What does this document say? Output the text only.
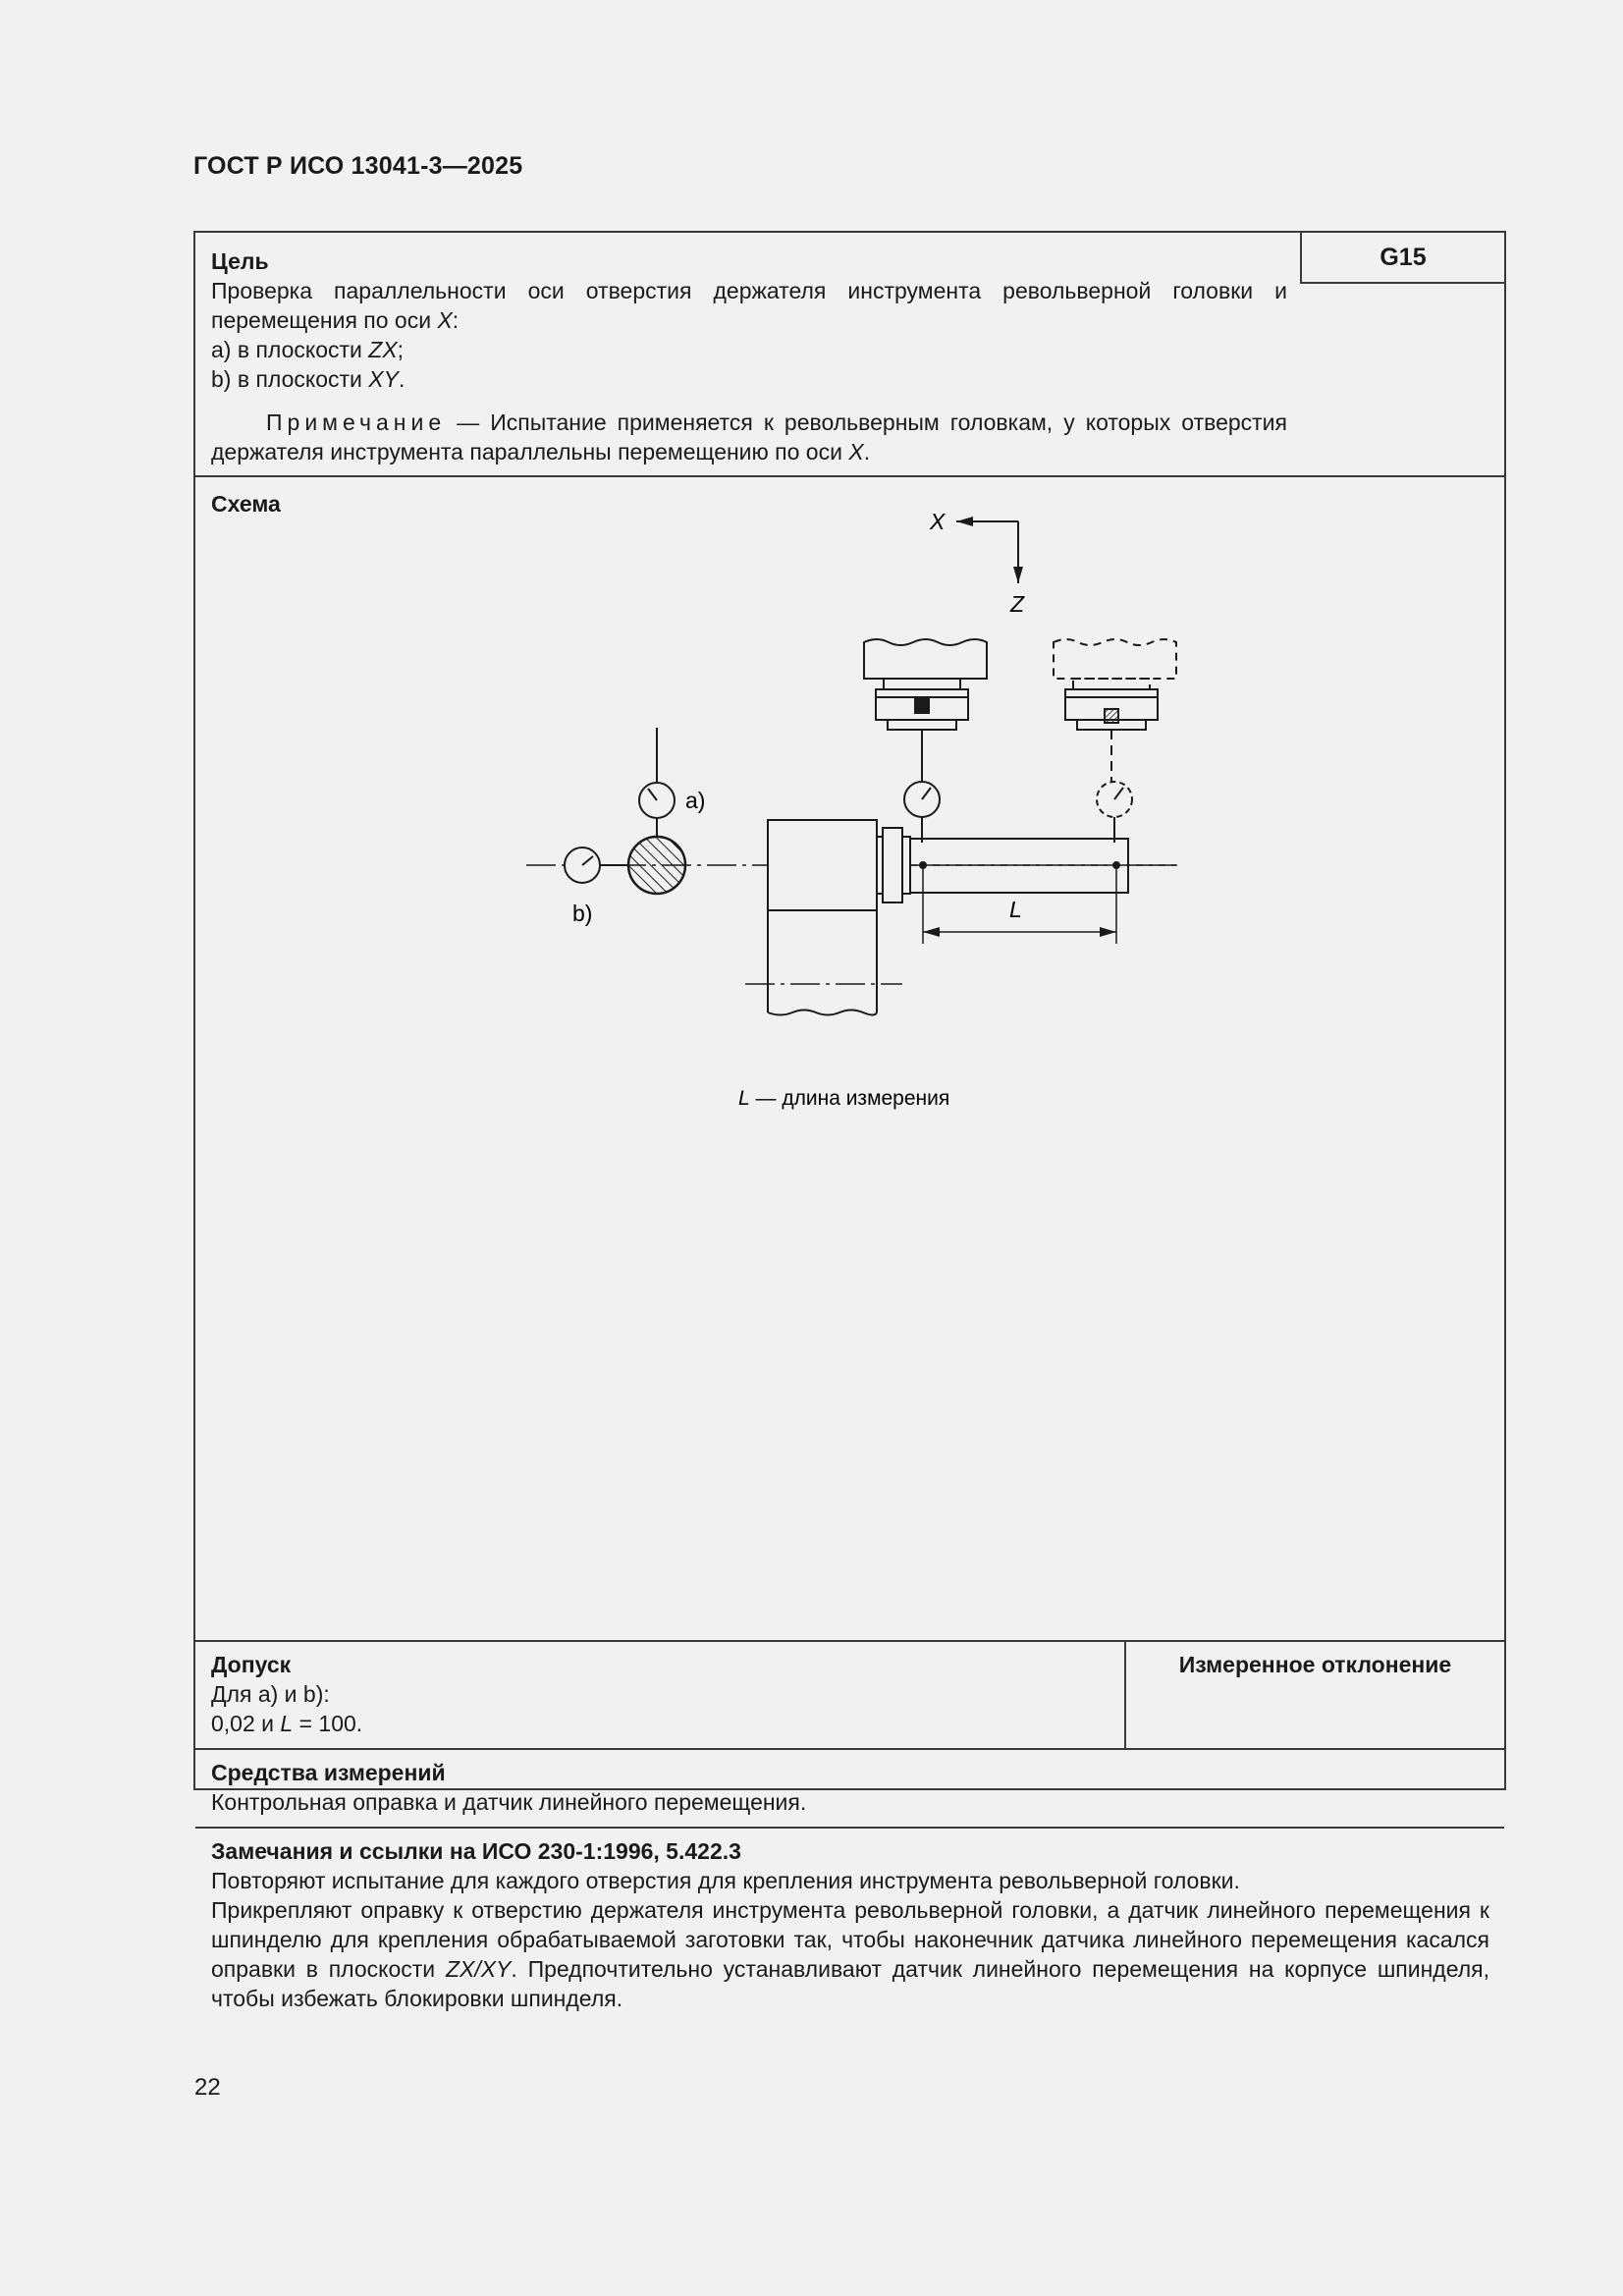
ГОСТ Р ИСО 13041-3—2025
G15
Цель
Проверка параллельности оси отверстия держателя инструмента револьверной головки и перемещения по оси X:
a) в плоскости ZX;
b) в плоскости XY.
Примечание — Испытание применяется к револьверным головкам, у которых отверстия держателя инструмента параллельны перемещению по оси X.
Схема
X
Z
L
a)
b)
L — длина измерения
Допуск
Для a) и b):
0,02 и L = 100.
Измеренное отклонение
Средства измерений
Контрольная оправка и датчик линейного перемещения.
Замечания и ссылки на ИСО 230-1:1996, 5.422.3
Повторяют испытание для каждого отверстия для крепления инструмента револьверной головки.
Прикрепляют оправку к отверстию держателя инструмента револьверной головки, а датчик линейного перемещения к шпинделю для крепления обрабатываемой заготовки так, чтобы наконечник датчика линейного перемещения касался оправки в плоскости ZX/XY. Предпочтительно устанавливают датчик линейного перемещения на корпусе шпинделя, чтобы избежать блокировки шпинделя.
22
